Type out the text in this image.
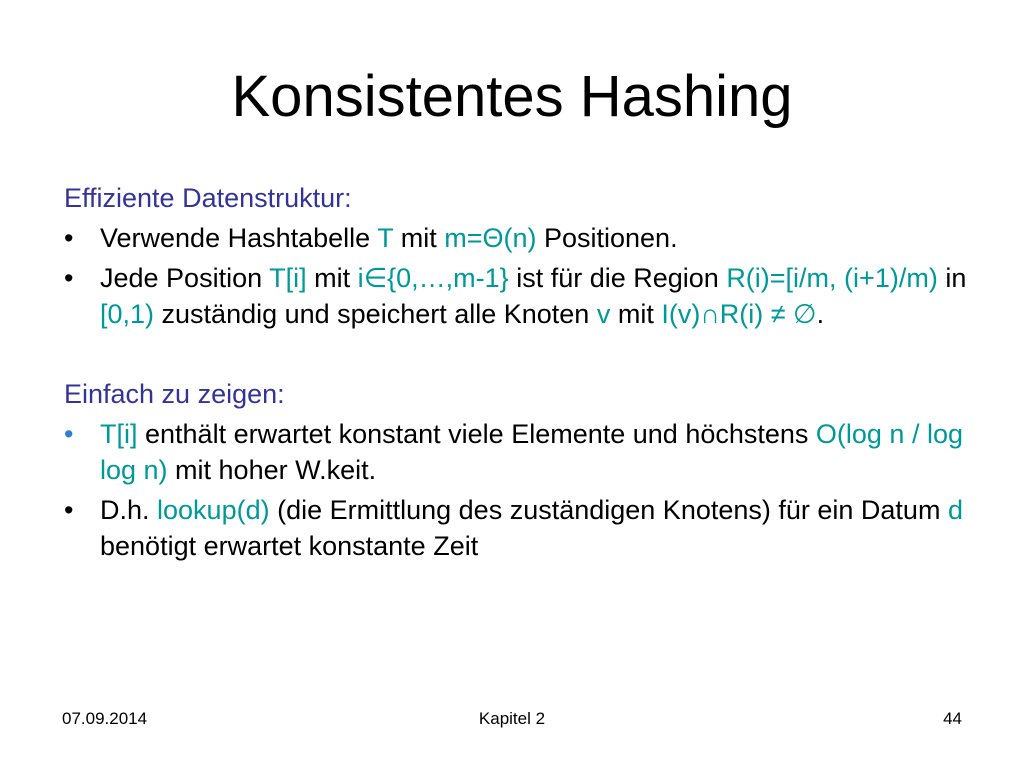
Konsistentes Hashing
Effiziente Datenstruktur:
• Verwende Hashtabelle T mit m=Θ(n) Positionen.
• Jede Position T[i] mit i∈{0,…,m-1} ist für die Region R(i)=[i/m, (i+1)/m) in [0,1) zuständig und speichert alle Knoten v mit I(v)∩R(i) ≠ ∅.
Einfach zu zeigen:
• T[i] enthält erwartet konstant viele Elemente und höchstens O(log n / log log n) mit hoher W.keit.
• D.h. lookup(d) (die Ermittlung des zuständigen Knotens) für ein Datum d benötigt erwartet konstante Zeit
07.09.2014	Kapitel 2	44
